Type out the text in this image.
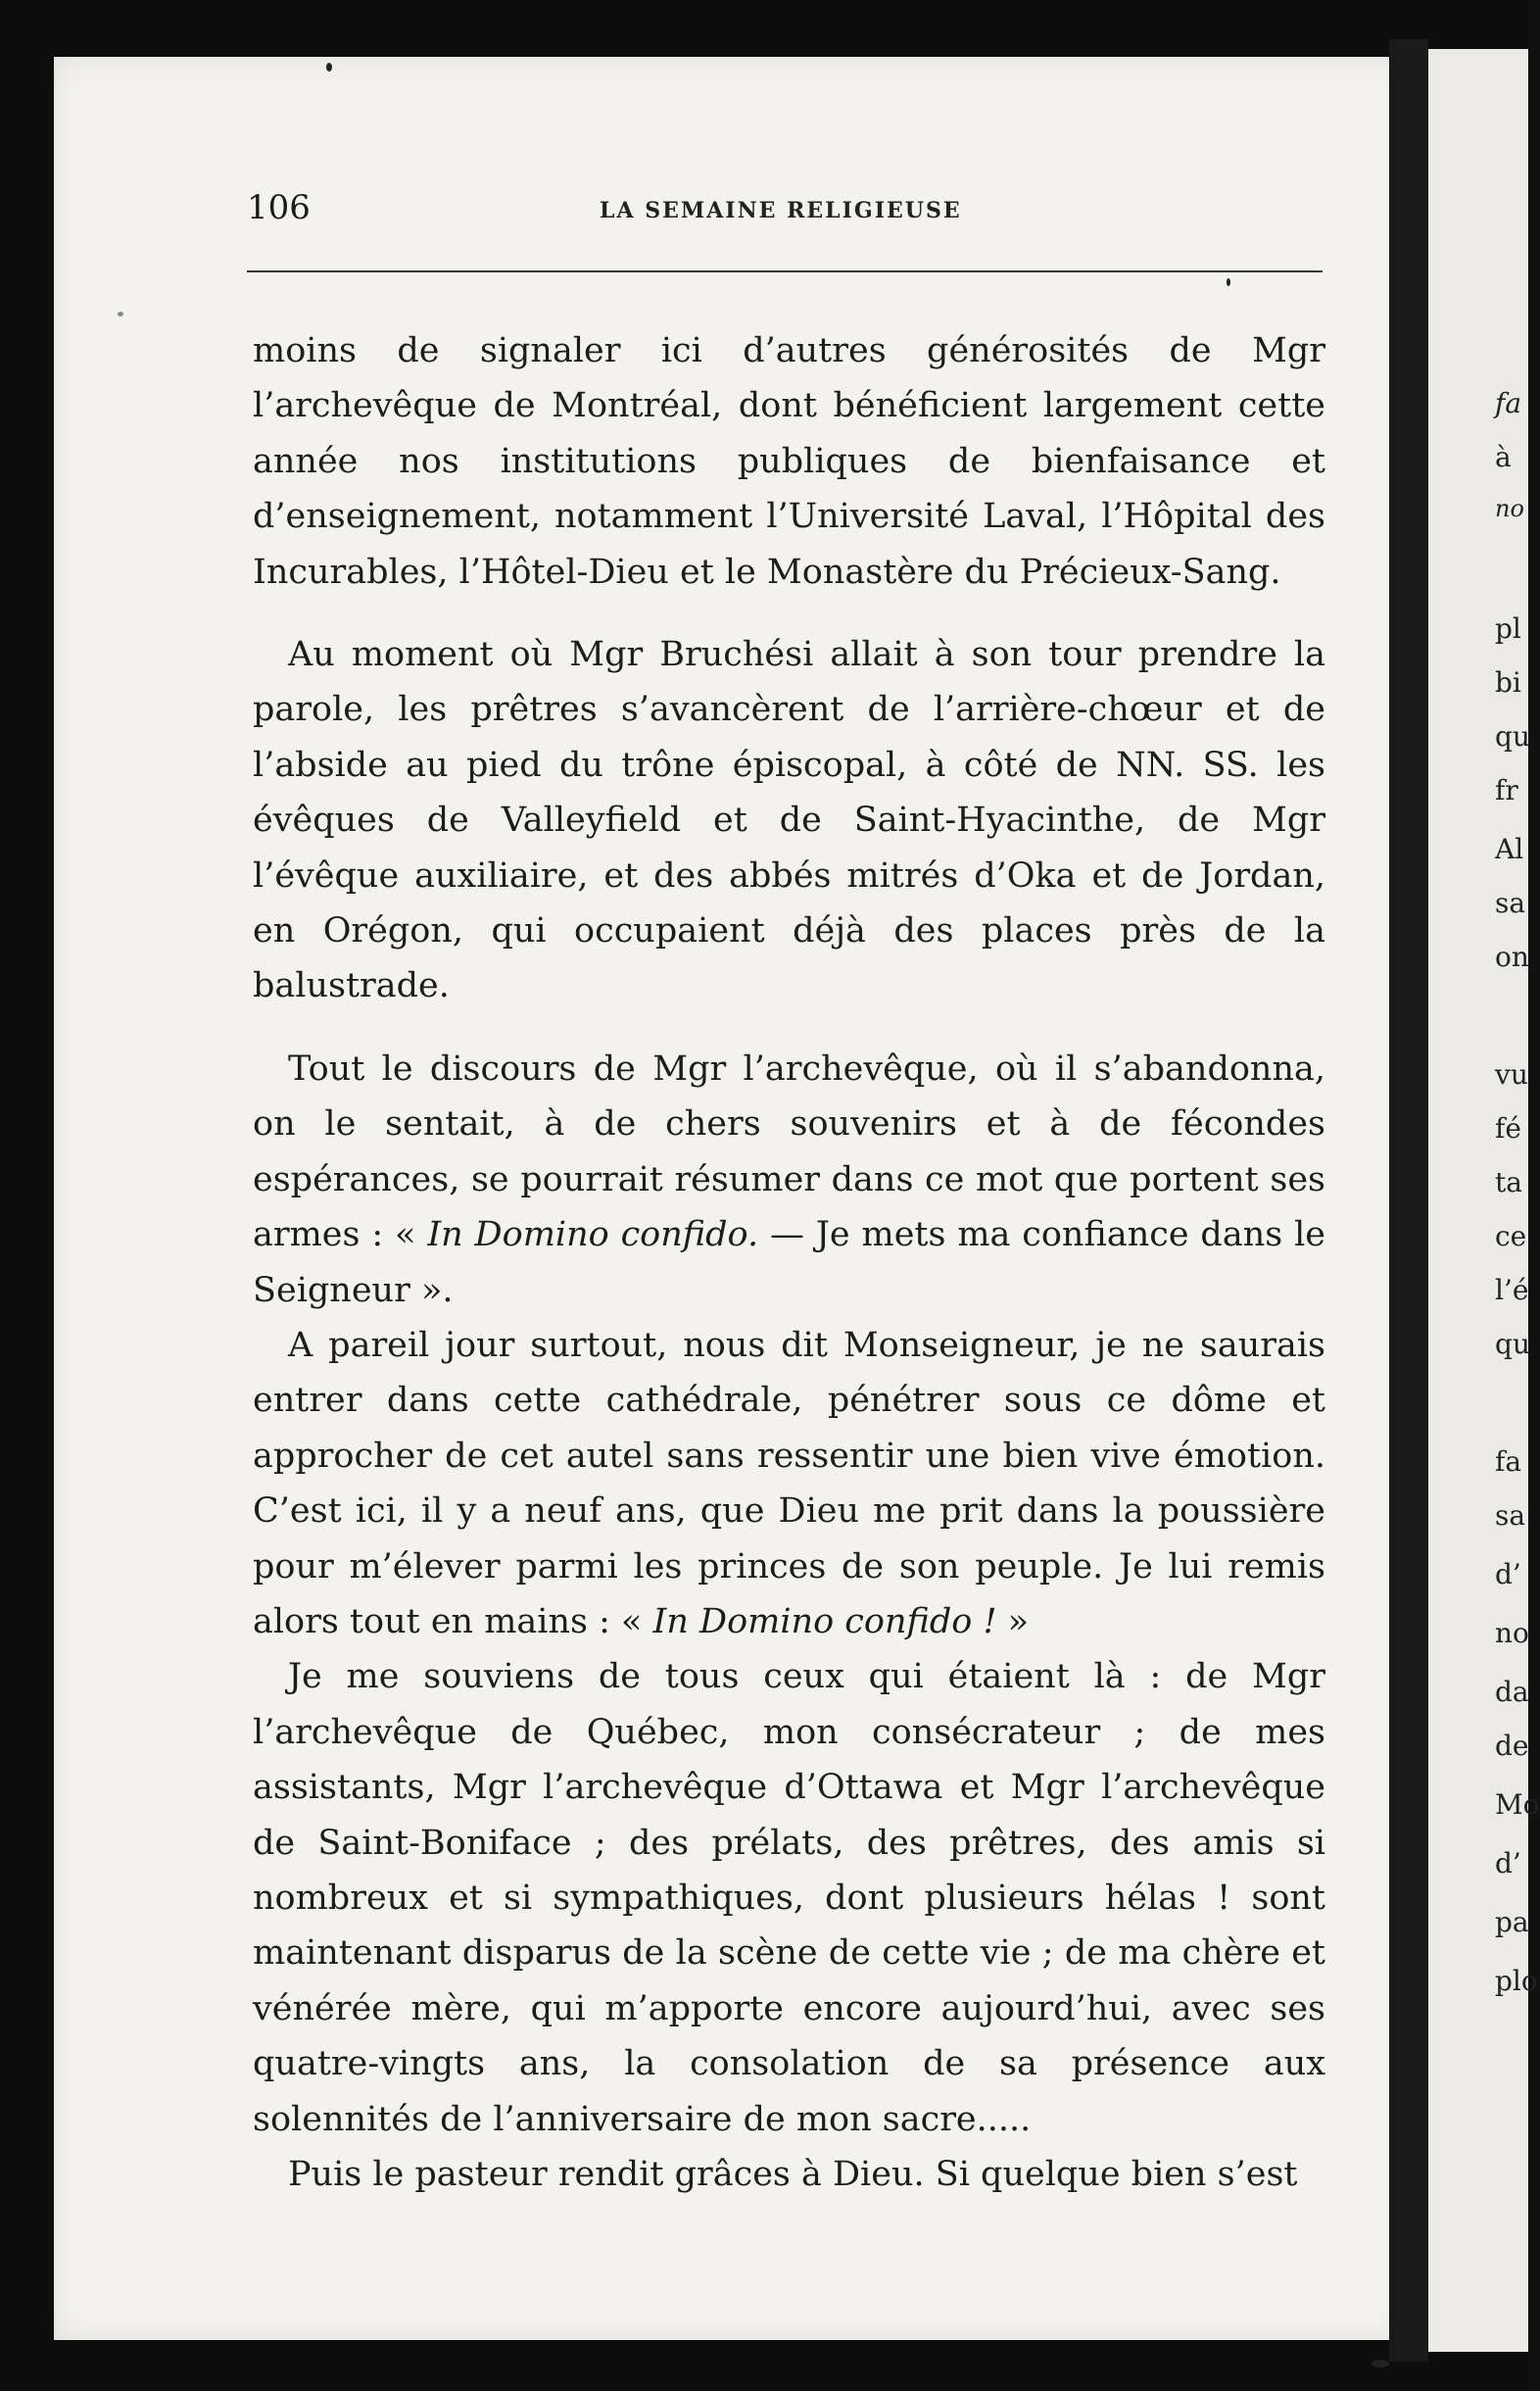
fa
à
no
pl
bi
qu
fr
Al
sa
on
vu
fé
ta
ce
l’é
qu
fa
sa
d’
no
da
de
Mo
d’
pa
plo
106	LA SEMAINE RELIGIEUSE

moins de signaler ici d’autres générosités de Mgr l’archevêque de Montréal, dont bénéficient largement cette année nos institutions publiques de bienfaisance et d’enseignement, notamment l’Université Laval, l’Hôpital des Incurables, l’Hôtel-Dieu et le Monastère du Précieux-Sang.

Au moment où Mgr Bruchési allait à son tour prendre la parole, les prêtres s’avancèrent de l’arrière-chœur et de l’abside au pied du trône épiscopal, à côté de NN. SS. les évêques de Valleyfield et de Saint-Hyacinthe, de Mgr l’évêque auxiliaire, et des abbés mitrés d’Oka et de Jordan, en Orégon, qui occupaient déjà des places près de la balustrade.

Tout le discours de Mgr l’archevêque, où il s’abandonna, on le sentait, à de chers souvenirs et à de fécondes espérances, se pourrait résumer dans ce mot que portent ses armes : « In Domino confido. — Je mets ma confiance dans le Seigneur ».

A pareil jour surtout, nous dit Monseigneur, je ne saurais entrer dans cette cathédrale, pénétrer sous ce dôme et approcher de cet autel sans ressentir une bien vive émotion. C’est ici, il y a neuf ans, que Dieu me prit dans la poussière pour m’élever parmi les princes de son peuple. Je lui remis alors tout en mains : « In Domino confido ! »

Je me souviens de tous ceux qui étaient là : de Mgr l’archevêque de Québec, mon consécrateur ; de mes assistants, Mgr l’archevêque d’Ottawa et Mgr l’archevêque de Saint-Boniface ; des prélats, des prêtres, des amis si nombreux et si sympathiques, dont plusieurs hélas ! sont maintenant disparus de la scène de cette vie ; de ma chère et vénérée mère, qui m’apporte encore aujourd’hui, avec ses quatre-vingts ans, la consolation de sa présence aux solennités de l’anniversaire de mon sacre.....

Puis le pasteur rendit grâces à Dieu. Si quelque bien s’est
